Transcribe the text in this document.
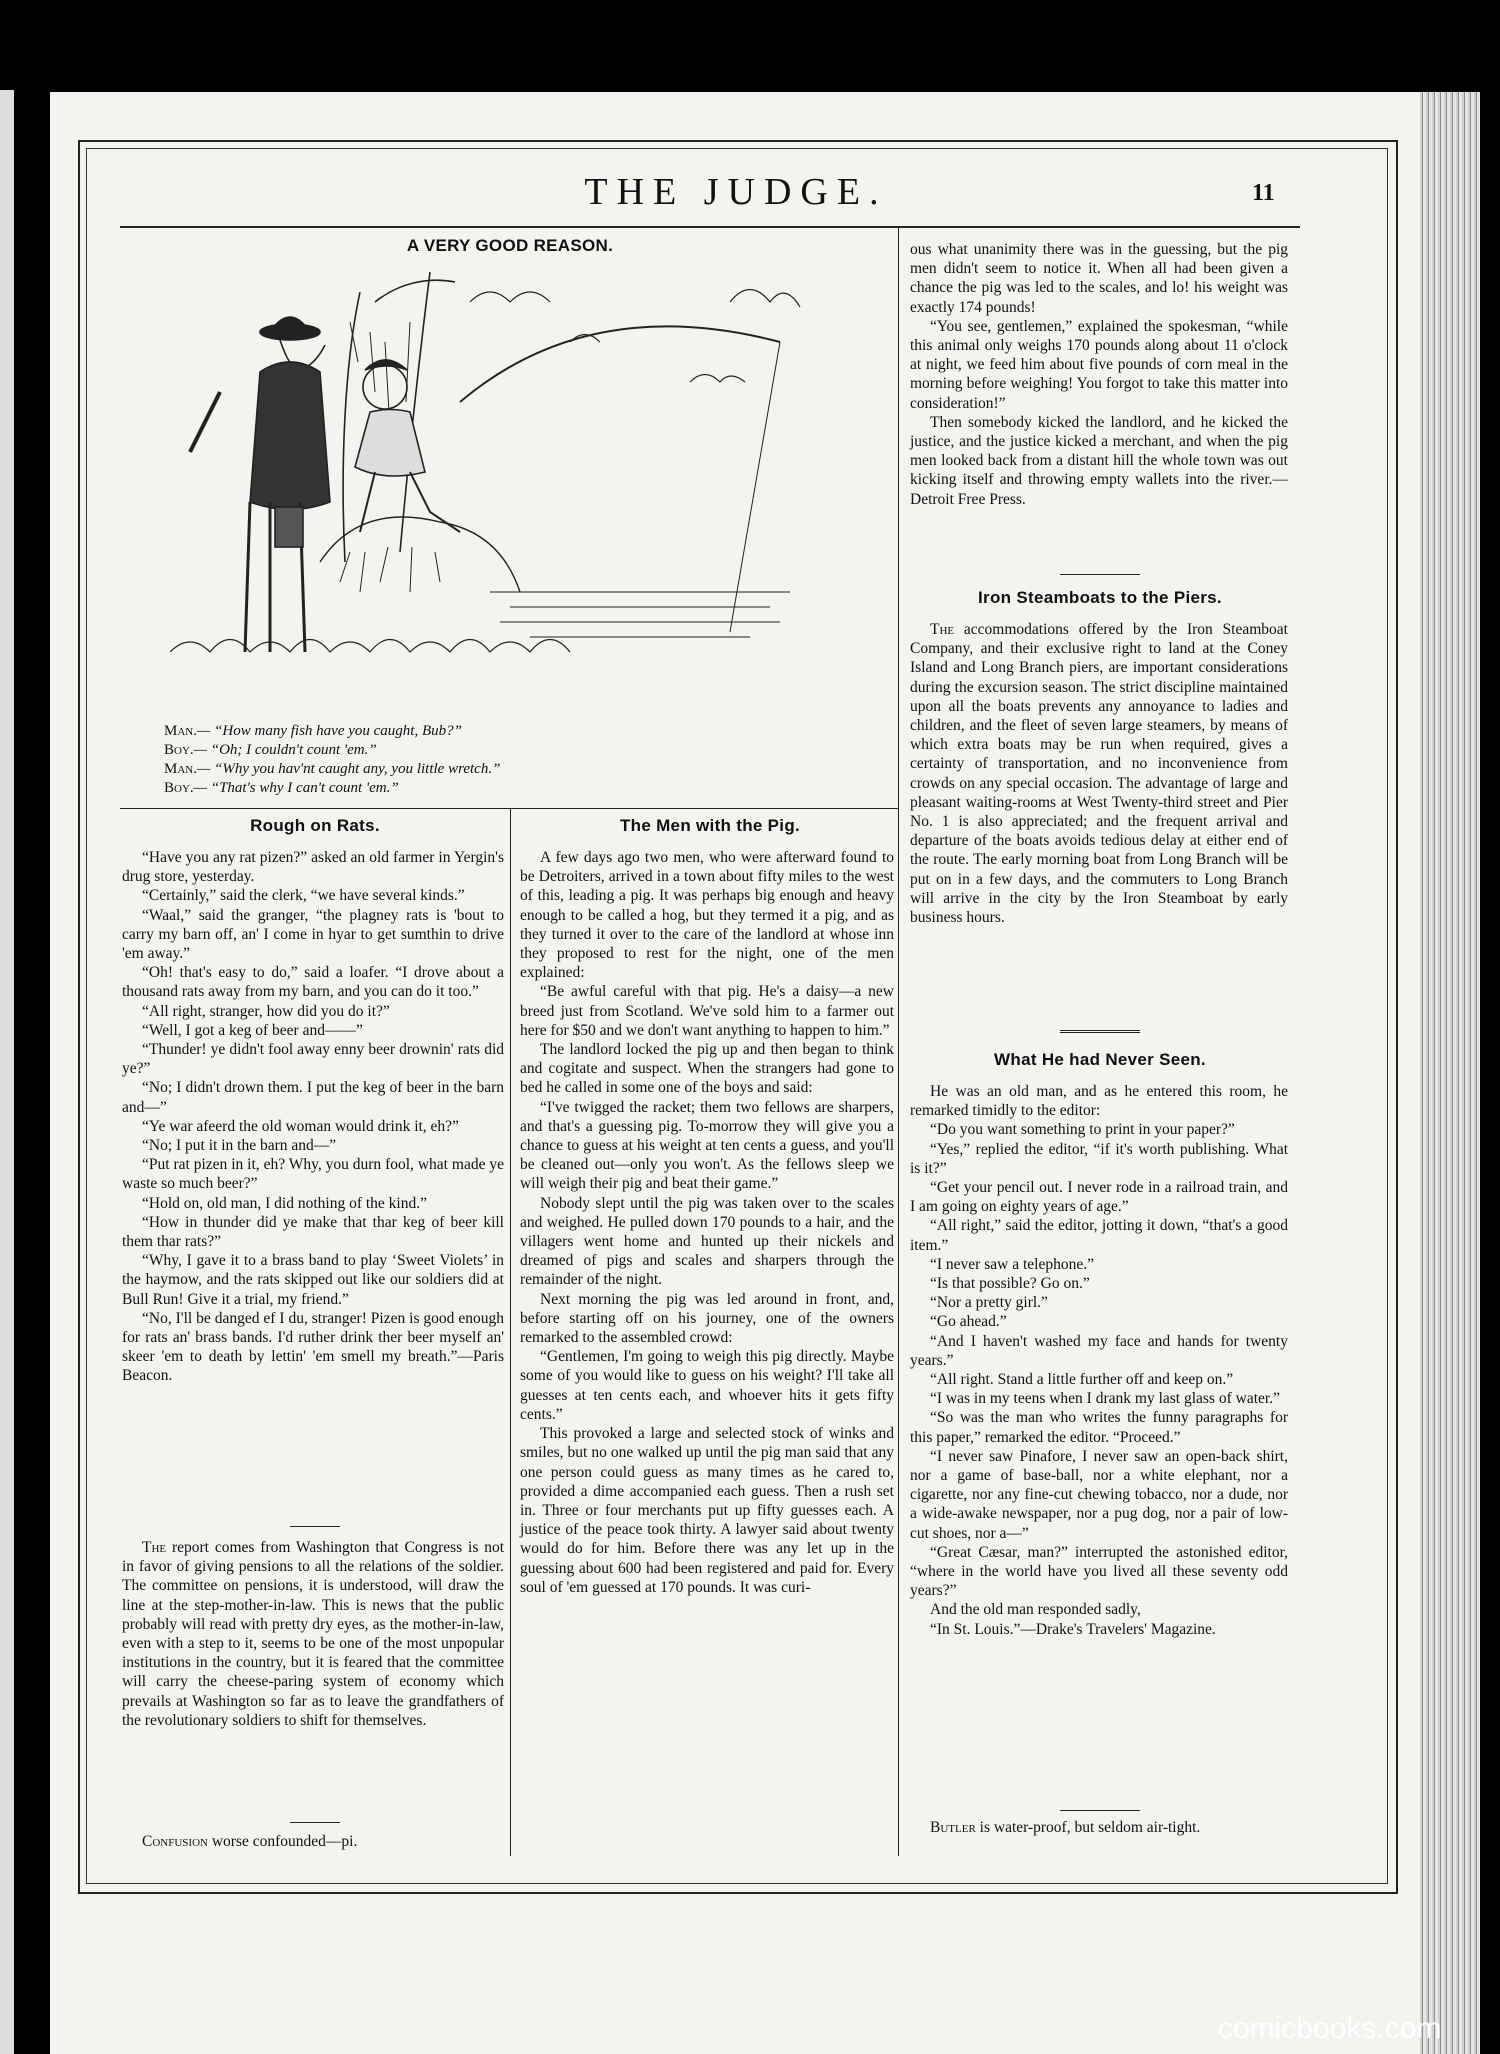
THE JUDGE.	11
A VERY GOOD REASON.
Man.— “How many fish have you caught, Bub?”
Boy.— “Oh; I couldn't count 'em.”
Man.— “Why you hav'nt caught any, you little wretch.”
Boy.— “That's why I can't count 'em.”
Rough on Rats.

“Have you any rat pizen?” asked an old farmer in Yergin's drug store, yesterday.

“Certainly,” said the clerk, “we have several kinds.”

“Waal,” said the granger, “the plagney rats is 'bout to carry my barn off, an' I come in hyar to get sumthin to drive 'em away.”

“Oh! that's easy to do,” said a loafer. “I drove about a thousand rats away from my barn, and you can do it too.”

“All right, stranger, how did you do it?”

“Well, I got a keg of beer and——”

“Thunder! ye didn't fool away enny beer drownin' rats did ye?”

“No; I didn't drown them. I put the keg of beer in the barn and—”

“Ye war afeerd the old woman would drink it, eh?”

“No; I put it in the barn and—”

“Put rat pizen in it, eh? Why, you durn fool, what made ye waste so much beer?”

“Hold on, old man, I did nothing of the kind.”

“How in thunder did ye make that thar keg of beer kill them thar rats?”

“Why, I gave it to a brass band to play ‘Sweet Violets’ in the haymow, and the rats skipped out like our soldiers did at Bull Run! Give it a trial, my friend.”

“No, I'll be danged ef I du, stranger! Pizen is good enough for rats an' brass bands. I'd ruther drink ther beer myself an' skeer 'em to death by lettin' 'em smell my breath.”—Paris Beacon.

The report comes from Washington that Congress is not in favor of giving pensions to all the relations of the soldier. The committee on pensions, it is understood, will draw the line at the step-mother-in-law. This is news that the public probably will read with pretty dry eyes, as the mother-in-law, even with a step to it, seems to be one of the most unpopular institutions in the country, but it is feared that the committee will carry the cheese-paring system of economy which prevails at Washington so far as to leave the grandfathers of the revolutionary soldiers to shift for themselves.

Confusion worse confounded—pi.

The Men with the Pig.

A few days ago two men, who were afterward found to be Detroiters, arrived in a town about fifty miles to the west of this, leading a pig. It was perhaps big enough and heavy enough to be called a hog, but they termed it a pig, and as they turned it over to the care of the landlord at whose inn they proposed to rest for the night, one of the men explained:

“Be awful careful with that pig. He's a daisy—a new breed just from Scotland. We've sold him to a farmer out here for $50 and we don't want anything to happen to him.”

The landlord locked the pig up and then began to think and cogitate and suspect. When the strangers had gone to bed he called in some one of the boys and said:

“I've twigged the racket; them two fellows are sharpers, and that's a guessing pig. To-morrow they will give you a chance to guess at his weight at ten cents a guess, and you'll be cleaned out—only you won't. As the fellows sleep we will weigh their pig and beat their game.”

Nobody slept until the pig was taken over to the scales and weighed. He pulled down 170 pounds to a hair, and the villagers went home and hunted up their nickels and dreamed of pigs and scales and sharpers through the remainder of the night.

Next morning the pig was led around in front, and, before starting off on his journey, one of the owners remarked to the assembled crowd:

“Gentlemen, I'm going to weigh this pig directly. Maybe some of you would like to guess on his weight? I'll take all guesses at ten cents each, and whoever hits it gets fifty cents.”

This provoked a large and selected stock of winks and smiles, but no one walked up until the pig man said that any one person could guess as many times as he cared to, provided a dime accompanied each guess. Then a rush set in. Three or four merchants put up fifty guesses each. A justice of the peace took thirty. A lawyer said about twenty would do for him. Before there was any let up in the guessing about 600 had been registered and paid for. Every soul of 'em guessed at 170 pounds. It was curi-

ous what unanimity there was in the guessing, but the pig men didn't seem to notice it. When all had been given a chance the pig was led to the scales, and lo! his weight was exactly 174 pounds!

“You see, gentlemen,” explained the spokesman, “while this animal only weighs 170 pounds along about 11 o'clock at night, we feed him about five pounds of corn meal in the morning before weighing! You forgot to take this matter into consideration!”

Then somebody kicked the landlord, and he kicked the justice, and the justice kicked a merchant, and when the pig men looked back from a distant hill the whole town was out kicking itself and throwing empty wallets into the river.—Detroit Free Press.

Iron Steamboats to the Piers.

The accommodations offered by the Iron Steamboat Company, and their exclusive right to land at the Coney Island and Long Branch piers, are important considerations during the excursion season. The strict discipline maintained upon all the boats prevents any annoyance to ladies and children, and the fleet of seven large steamers, by means of which extra boats may be run when required, gives a certainty of transportation, and no inconvenience from crowds on any special occasion. The advantage of large and pleasant waiting-rooms at West Twenty-third street and Pier No. 1 is also appreciated; and the frequent arrival and departure of the boats avoids tedious delay at either end of the route. The early morning boat from Long Branch will be put on in a few days, and the commuters to Long Branch will arrive in the city by the Iron Steamboat by early business hours.

What He had Never Seen.

He was an old man, and as he entered this room, he remarked timidly to the editor:

“Do you want something to print in your paper?”

“Yes,” replied the editor, “if it's worth publishing. What is it?”

“Get your pencil out. I never rode in a railroad train, and I am going on eighty years of age.”

“All right,” said the editor, jotting it down, “that's a good item.”

“I never saw a telephone.”

“Is that possible? Go on.”

“Nor a pretty girl.”

“Go ahead.”

“And I haven't washed my face and hands for twenty years.”

“All right. Stand a little further off and keep on.”

“I was in my teens when I drank my last glass of water.”

“So was the man who writes the funny paragraphs for this paper,” remarked the editor. “Proceed.”

“I never saw Pinafore, I never saw an open-back shirt, nor a game of base-ball, nor a white elephant, nor a cigarette, nor any fine-cut chewing tobacco, nor a dude, nor a wide-awake newspaper, nor a pug dog, nor a pair of low-cut shoes, nor a—”

“Great Cæsar, man?” interrupted the astonished editor, “where in the world have you lived all these seventy odd years?”

And the old man responded sadly,

“In St. Louis.”—Drake's Travelers' Magazine.

Butler is water-proof, but seldom air-tight.

comicbooks.com
